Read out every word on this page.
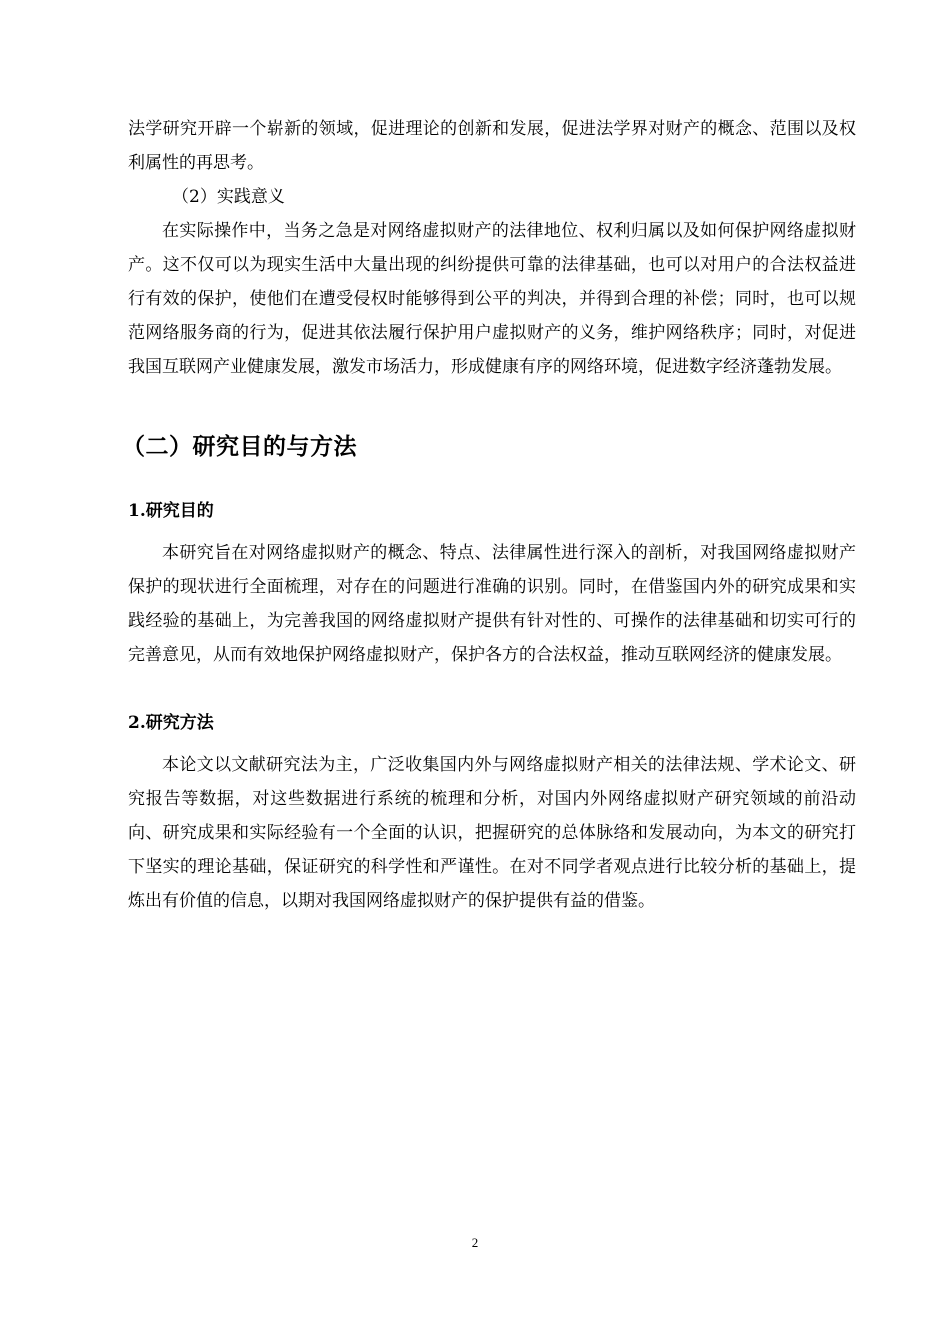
法学研究开辟一个崭新的领域，促进理论的创新和发展，促进法学界对财产的概念、范围以及权利属性的再思考。

（2）实践意义

在实际操作中，当务之急是对网络虚拟财产的法律地位、权利归属以及如何保护网络虚拟财产。这不仅可以为现实生活中大量出现的纠纷提供可靠的法律基础，也可以对用户的合法权益进行有效的保护，使他们在遭受侵权时能够得到公平的判决，并得到合理的补偿；同时，也可以规范网络服务商的行为，促进其依法履行保护用户虚拟财产的义务，维护网络秩序；同时，对促进我国互联网产业健康发展，激发市场活力，形成健康有序的网络环境，促进数字经济蓬勃发展。

（二）研究目的与方法
1.研究目的

本研究旨在对网络虚拟财产的概念、特点、法律属性进行深入的剖析，对我国网络虚拟财产保护的现状进行全面梳理，对存在的问题进行准确的识别。同时，在借鉴国内外的研究成果和实践经验的基础上，为完善我国的网络虚拟财产提供有针对性的、可操作的法律基础和切实可行的完善意见，从而有效地保护网络虚拟财产，保护各方的合法权益，推动互联网经济的健康发展。

2.研究方法

本论文以文献研究法为主，广泛收集国内外与网络虚拟财产相关的法律法规、学术论文、研究报告等数据，对这些数据进行系统的梳理和分析，对国内外网络虚拟财产研究领域的前沿动向、研究成果和实际经验有一个全面的认识，把握研究的总体脉络和发展动向，为本文的研究打下坚实的理论基础，保证研究的科学性和严谨性。在对不同学者观点进行比较分析的基础上，提炼出有价值的信息，以期对我国网络虚拟财产的保护提供有益的借鉴。

2
